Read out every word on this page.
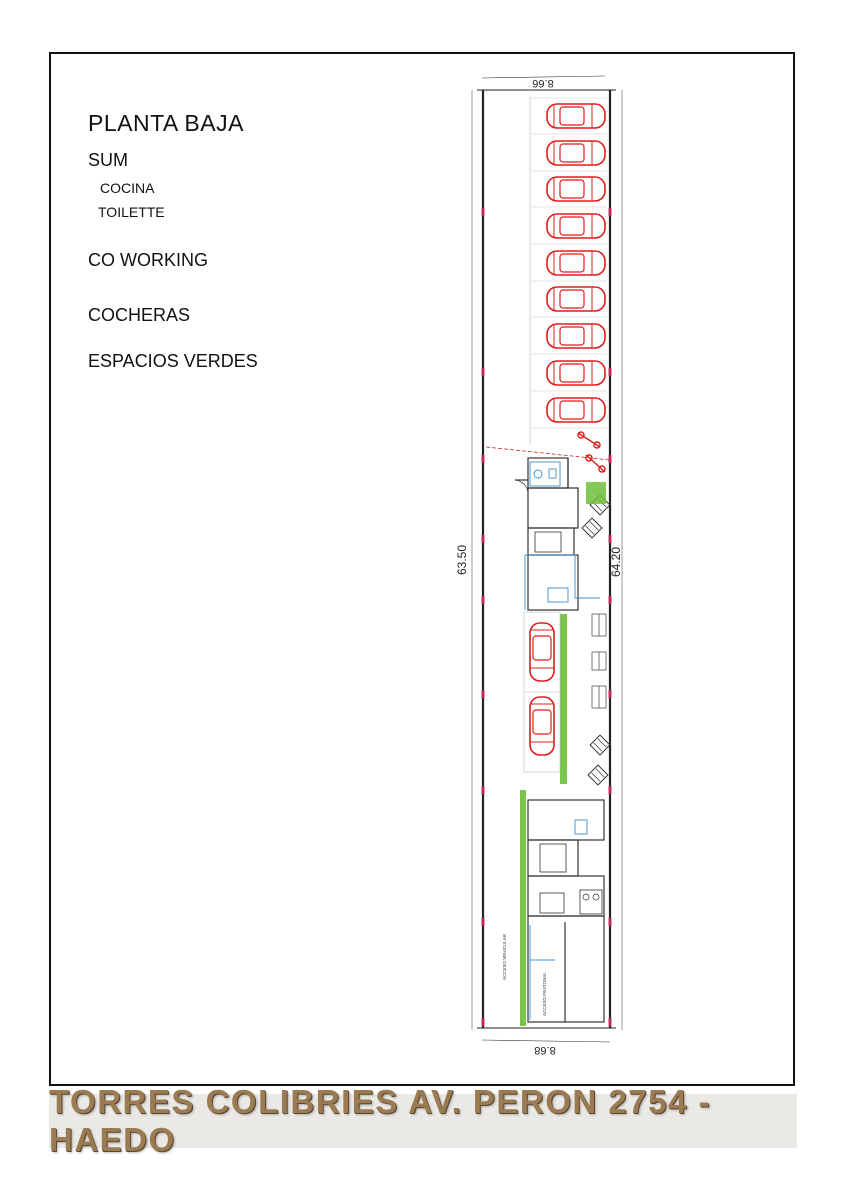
PLANTA BAJA
SUM
COCINA
TOILETTE
CO WORKING
COCHERAS
ESPACIOS VERDES
8.66
8.68
63.50	64.20
ACCESO VEHICULAR
ACCESO PEATONAL
TORRES COLIBRIES AV. PERON 2754 - HAEDO
